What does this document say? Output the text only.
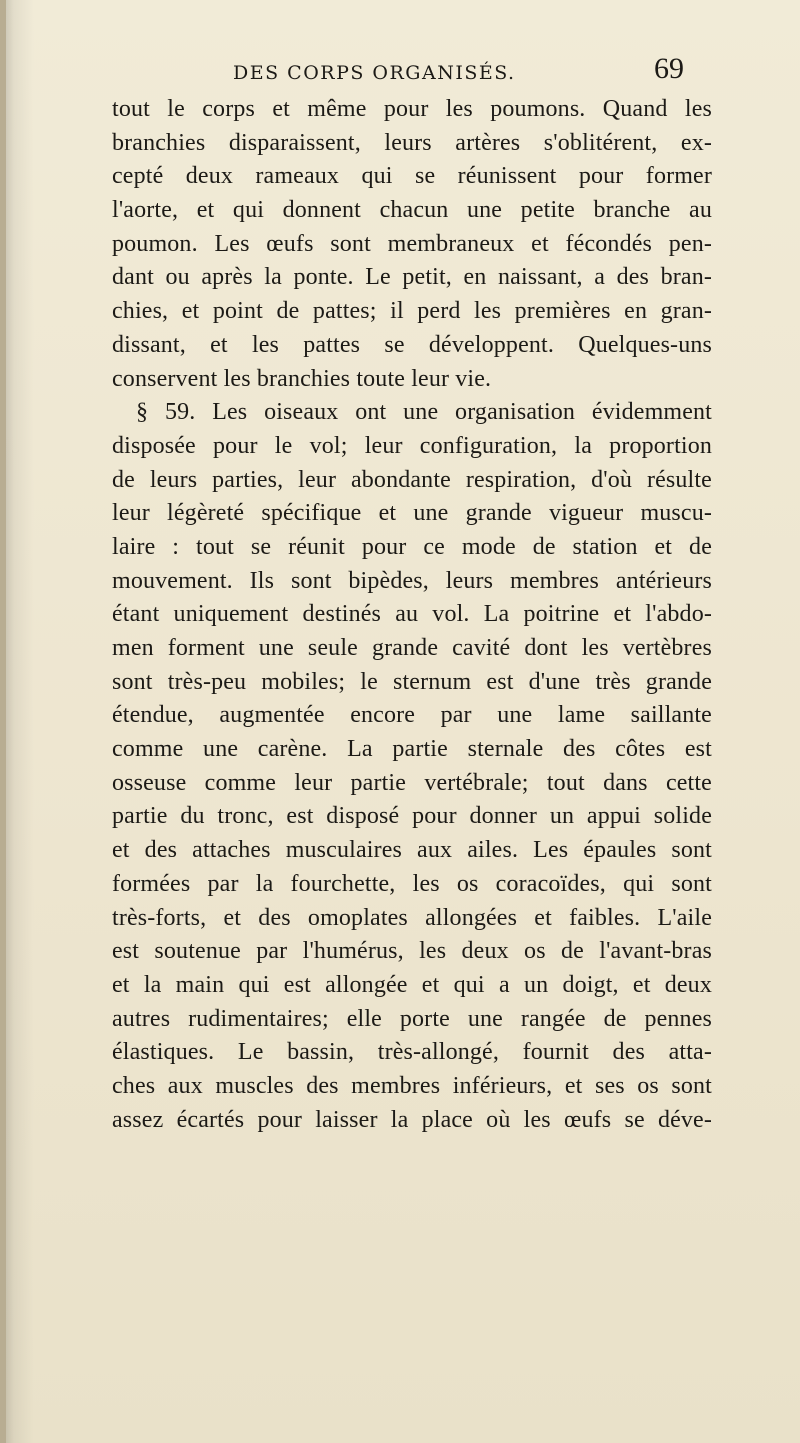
DES CORPS ORGANISÉS.	69
tout le corps et même pour les poumons. Quand les
branchies disparaissent, leurs artères s'oblitérent, ex-
cepté deux rameaux qui se réunissent pour former
l'aorte, et qui donnent chacun une petite branche au
poumon. Les œufs sont membraneux et fécondés pen-
dant ou après la ponte. Le petit, en naissant, a des bran-
chies, et point de pattes; il perd les premières en gran-
dissant, et les pattes se développent. Quelques-uns
conservent les branchies toute leur vie.
§ 59. Les oiseaux ont une organisation évidemment
disposée pour le vol; leur configuration, la proportion
de leurs parties, leur abondante respiration, d'où résulte
leur légèreté spécifique et une grande vigueur muscu-
laire : tout se réunit pour ce mode de station et de
mouvement. Ils sont bipèdes, leurs membres antérieurs
étant uniquement destinés au vol. La poitrine et l'abdo-
men forment une seule grande cavité dont les vertèbres
sont très-peu mobiles; le sternum est d'une très grande
étendue, augmentée encore par une lame saillante
comme une carène. La partie sternale des côtes est
osseuse comme leur partie vertébrale; tout dans cette
partie du tronc, est disposé pour donner un appui solide
et des attaches musculaires aux ailes. Les épaules sont
formées par la fourchette, les os coracoïdes, qui sont
très-forts, et des omoplates allongées et faibles. L'aile
est soutenue par l'humérus, les deux os de l'avant-bras
et la main qui est allongée et qui a un doigt, et deux
autres rudimentaires; elle porte une rangée de pennes
élastiques. Le bassin, très-allongé, fournit des atta-
ches aux muscles des membres inférieurs, et ses os sont
assez écartés pour laisser la place où les œufs se déve-
